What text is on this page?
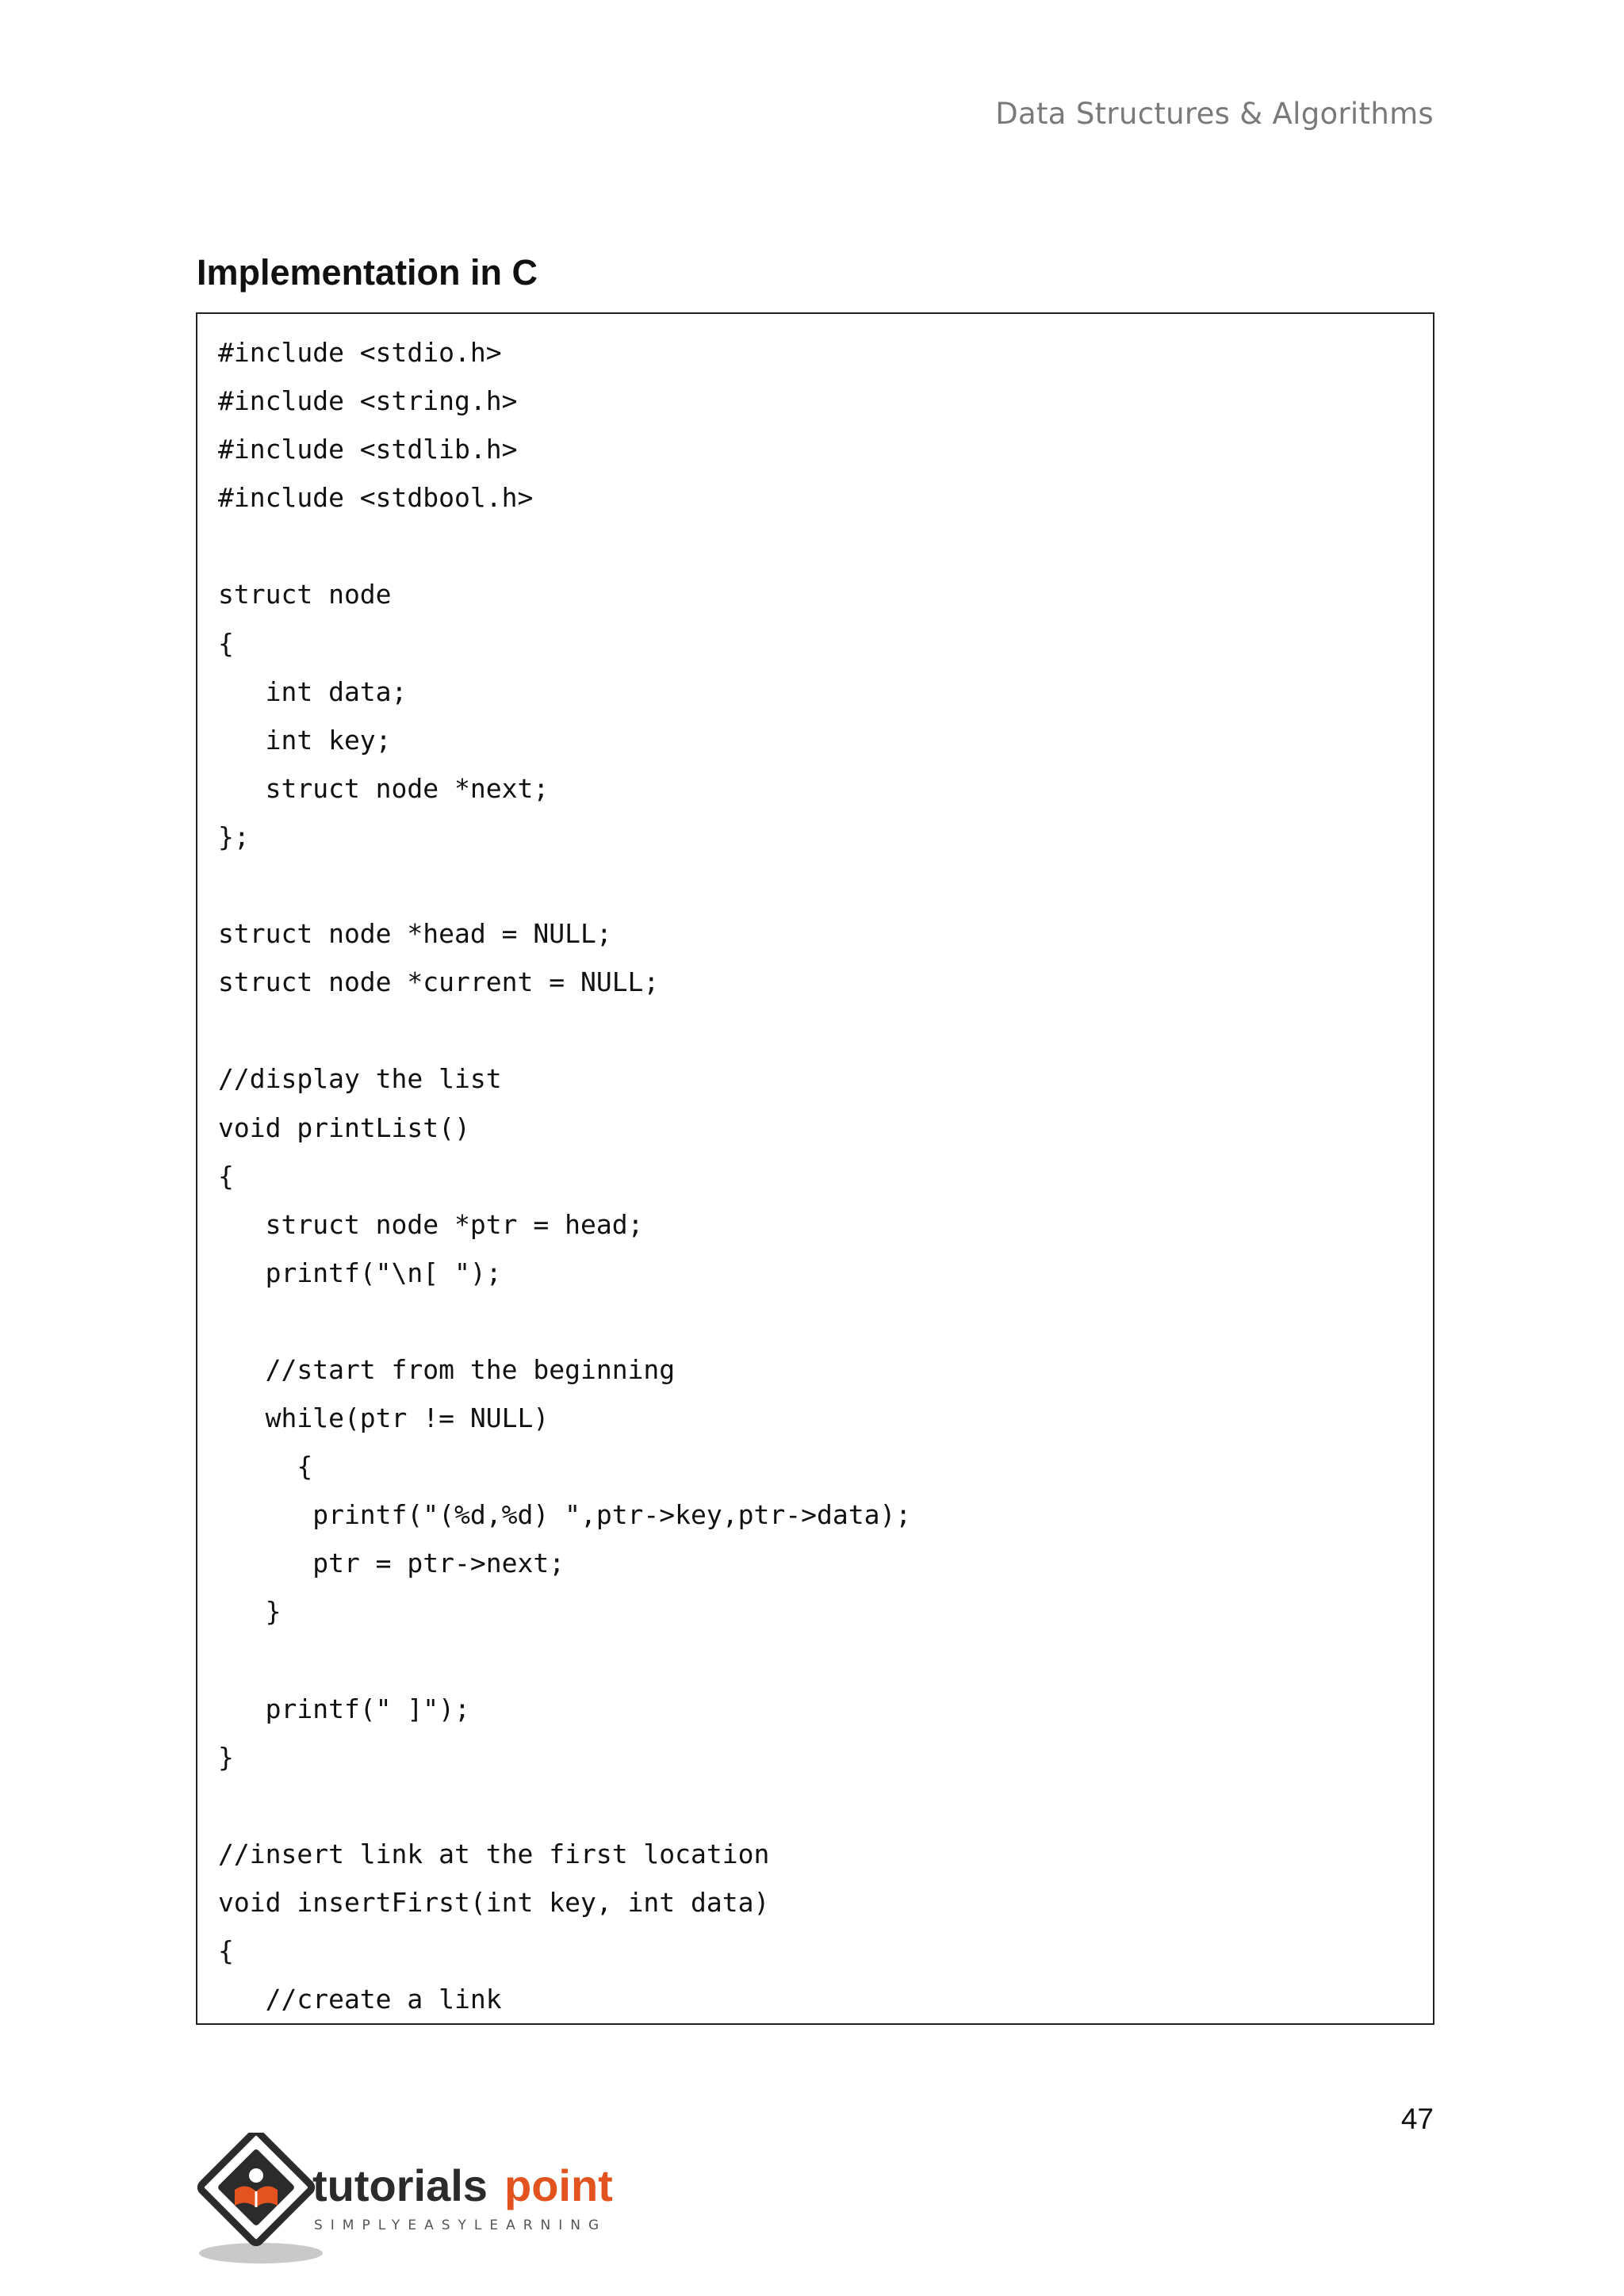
Data Structures & Algorithms
Implementation in C
#include <stdio.h>
#include <string.h>
#include <stdlib.h>
#include <stdbool.h>
struct node
{
int data;
int key;
struct node *next;
};
struct node *head = NULL;
struct node *current = NULL;
//display the list
void printList()
{
struct node *ptr = head;
printf("\n[ ");
//start from the beginning
while(ptr != NULL)
{
printf("(%d,%d) ",ptr->key,ptr->data);
ptr = ptr->next;
}
printf(" ]");
}
//insert link at the first location
void insertFirst(int key, int data)
{
//create a link
47
tutorials point
SIMPLYEASYLEARNING
